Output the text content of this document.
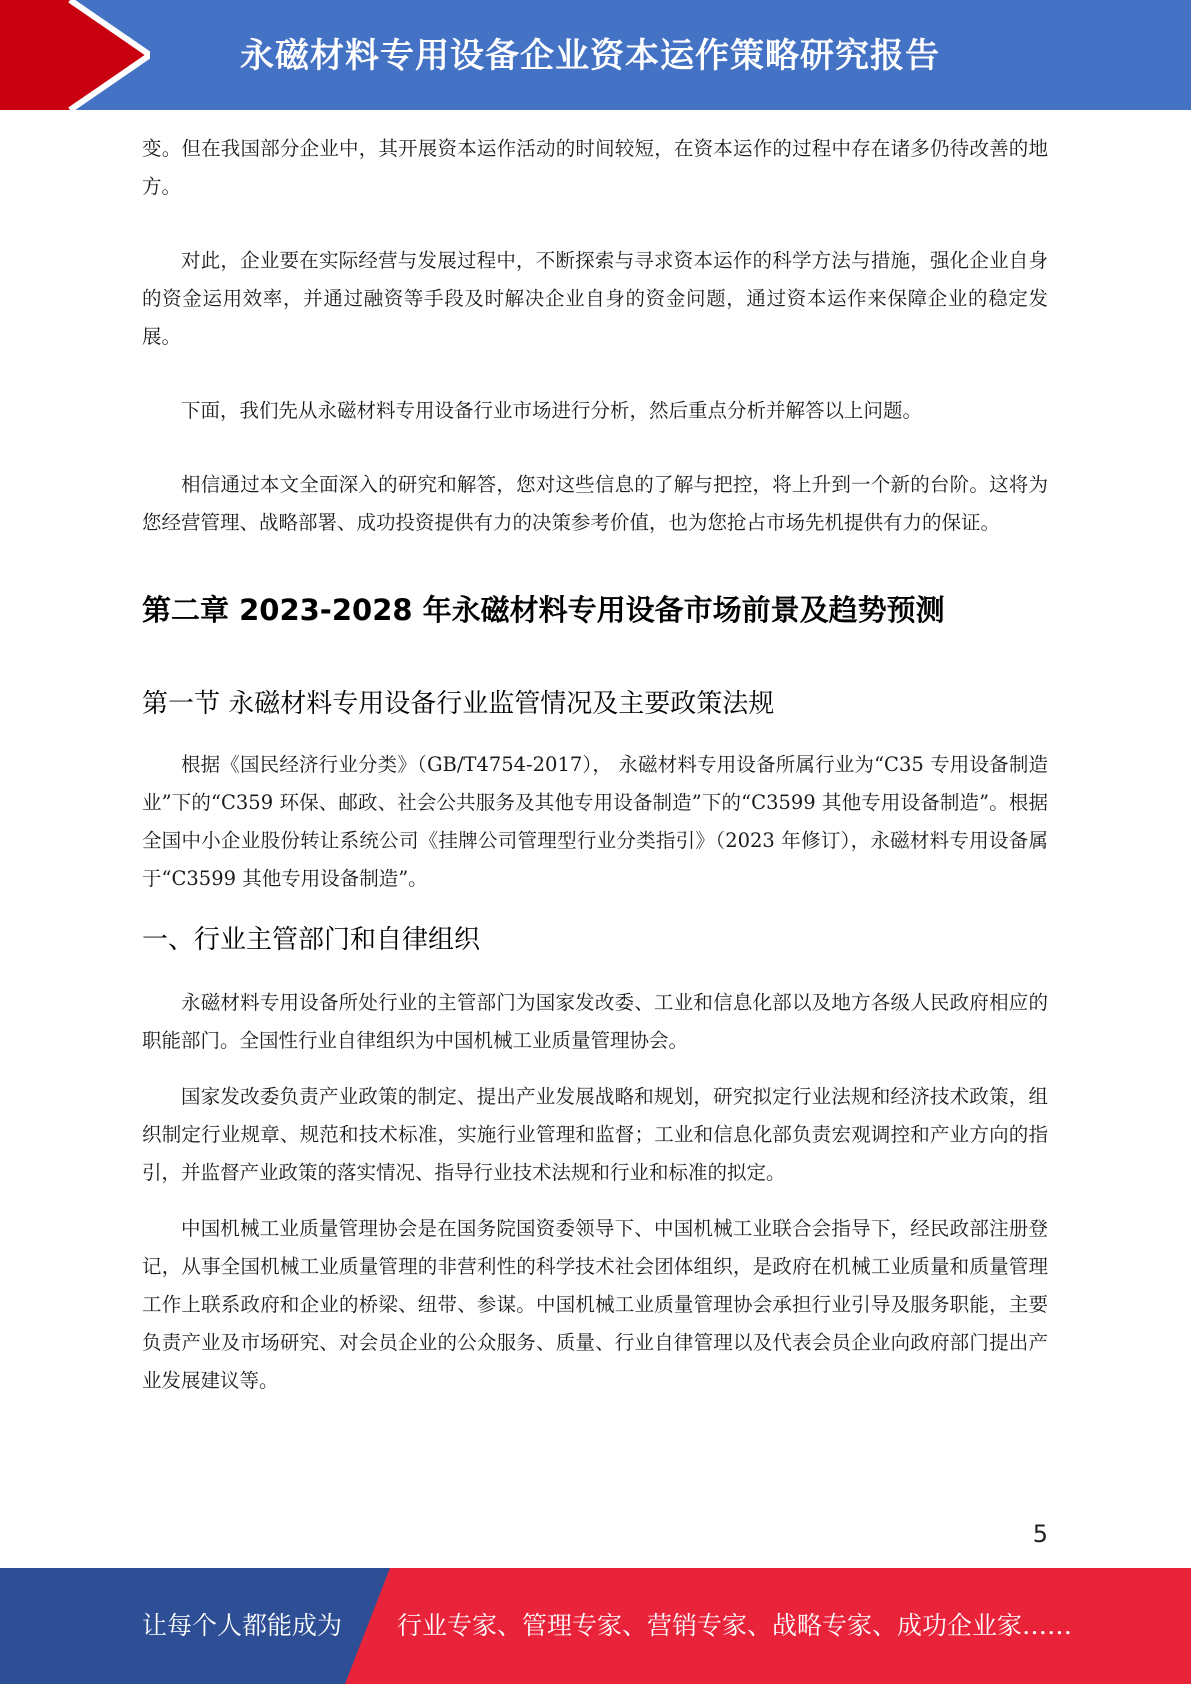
永磁材料专用设备企业资本运作策略研究报告

变。但在我国部分企业中，其开展资本运作活动的时间较短，在资本运作的过程中存在诸多仍待改善的地方。

对此，企业要在实际经营与发展过程中，不断探索与寻求资本运作的科学方法与措施，强化企业自身的资金运用效率，并通过融资等手段及时解决企业自身的资金问题，通过资本运作来保障企业的稳定发展。

下面，我们先从永磁材料专用设备行业市场进行分析，然后重点分析并解答以上问题。

相信通过本文全面深入的研究和解答，您对这些信息的了解与把控，将上升到一个新的台阶。这将为您经营管理、战略部署、成功投资提供有力的决策参考价值，也为您抢占市场先机提供有力的保证。

第二章 2023-2028 年永磁材料专用设备市场前景及趋势预测
第一节 永磁材料专用设备行业监管情况及主要政策法规

根据《国民经济行业分类》（GB/T4754-2017）， 永磁材料专用设备所属行业为“C35 专用设备制造业”下的“C359 环保、邮政、社会公共服务及其他专用设备制造”下的“C3599 其他专用设备制造”。根据全国中小企业股份转让系统公司《挂牌公司管理型行业分类指引》（2023 年修订），永磁材料专用设备属于“C3599 其他专用设备制造”。

一、行业主管部门和自律组织

永磁材料专用设备所处行业的主管部门为国家发改委、工业和信息化部以及地方各级人民政府相应的职能部门。全国性行业自律组织为中国机械工业质量管理协会。

国家发改委负责产业政策的制定、提出产业发展战略和规划，研究拟定行业法规和经济技术政策，组织制定行业规章、规范和技术标准，实施行业管理和监督；工业和信息化部负责宏观调控和产业方向的指引，并监督产业政策的落实情况、指导行业技术法规和行业和标准的拟定。

中国机械工业质量管理协会是在国务院国资委领导下、中国机械工业联合会指导下，经民政部注册登记，从事全国机械工业质量管理的非营利性的科学技术社会团体组织，是政府在机械工业质量和质量管理工作上联系政府和企业的桥梁、纽带、参谋。中国机械工业质量管理协会承担行业引导及服务职能，主要负责产业及市场研究、对会员企业的公众服务、质量、行业自律管理以及代表会员企业向政府部门提出产业发展建议等。

5
让每个人都能成为 行业专家、管理专家、营销专家、战略专家、成功企业家……
